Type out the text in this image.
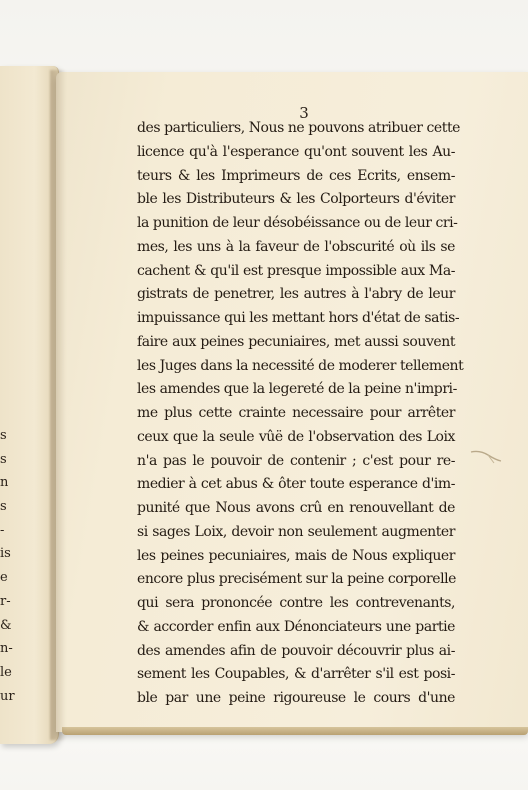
s
s
n
s
-
is
e
r-
&
n-
le
ur
3
des particuliers, Nous ne pouvons atribuer cette
licence qu'à l'esperance qu'ont souvent les Au-
teurs & les Imprimeurs de ces Ecrits, ensem-
ble les Distributeurs & les Colporteurs d'éviter
la punition de leur désobéissance ou de leur cri-
mes, les uns à la faveur de l'obscurité où ils se
cachent & qu'il est presque impossible aux Ma-
gistrats de penetrer, les autres à l'abry de leur
impuissance qui les mettant hors d'état de satis-
faire aux peines pecuniaires, met aussi souvent
les Juges dans la necessité de moderer tellement
les amendes que la legereté de la peine n'impri-
me plus cette crainte necessaire pour arrêter
ceux que la seule vûë de l'observation des Loix
n'a pas le pouvoir de contenir ; c'est pour re-
medier à cet abus & ôter toute esperance d'im-
punité que Nous avons crû en renouvellant de
si sages Loix, devoir non seulement augmenter
les peines pecuniaires, mais de Nous expliquer
encore plus precisément sur la peine corporelle
qui sera prononcée contre les contrevenants,
& accorder enfin aux Dénonciateurs une partie
des amendes afin de pouvoir découvrir plus ai-
sement les Coupables, & d'arrêter s'il est posi-
ble par une peine rigoureuse le cours d'une
